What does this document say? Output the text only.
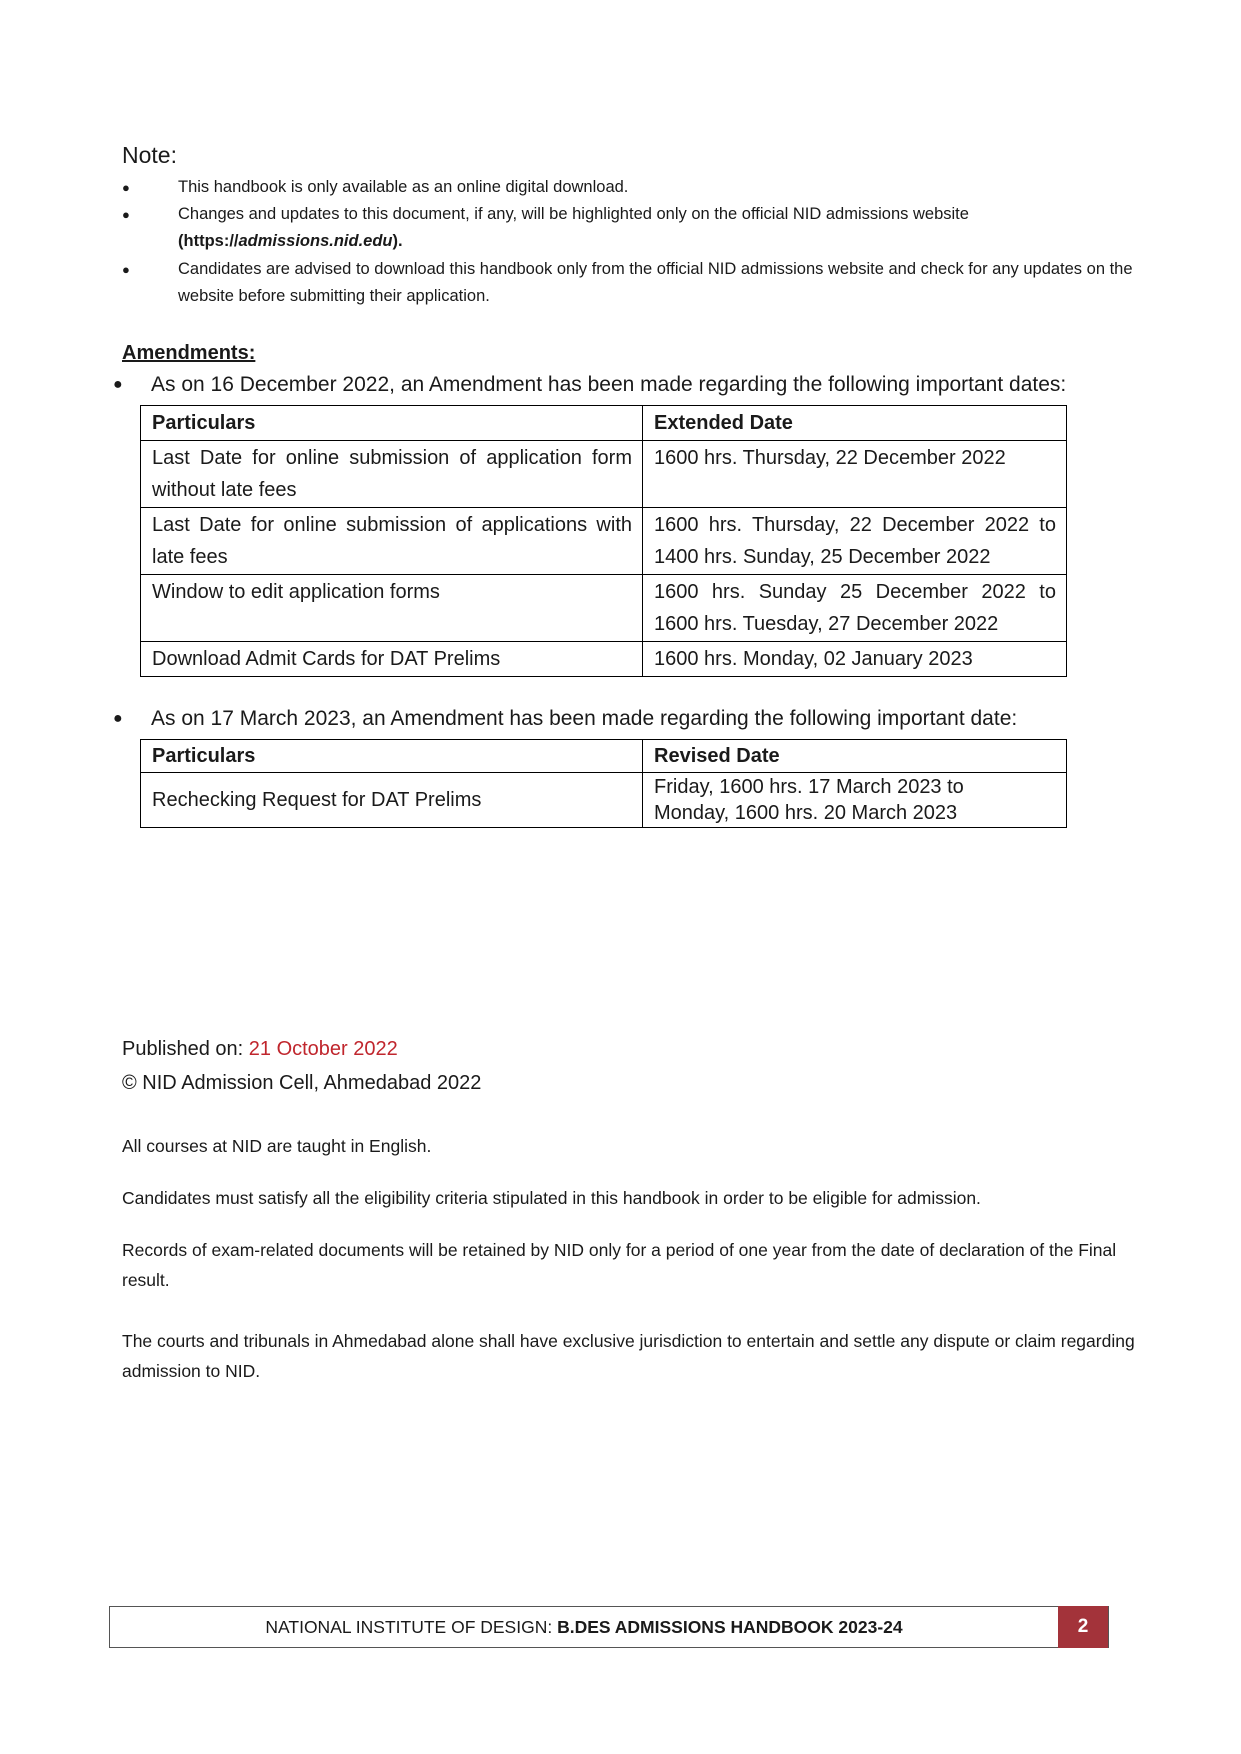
Note:
●	This handbook is only available as an online digital download.
●	Changes and updates to this document, if any, will be highlighted only on the official NID admissions website
(https://admissions.nid.edu).
●	Candidates are advised to download this handbook only from the official NID admissions website and check for any updates on the website before submitting their application.
Amendments:
● As on 16 December 2022, an Amendment has been made regarding the following important dates:
Particulars	Extended Date
Last Date for online submission of application form without late fees	1600 hrs. Thursday, 22 December 2022
Last Date for online submission of applications with late fees	1600 hrs. Thursday, 22 December 2022 to 1400 hrs. Sunday, 25 December 2022
Window to edit application forms	1600 hrs. Sunday 25 December 2022 to 1600 hrs. Tuesday, 27 December 2022
Download Admit Cards for DAT Prelims	1600 hrs. Monday, 02 January 2023
● As on 17 March 2023, an Amendment has been made regarding the following important date:
Particulars	Revised Date
Rechecking Request for DAT Prelims	Friday, 1600 hrs. 17 March 2023 to
Monday, 1600 hrs. 20 March 2023
Published on: 21 October 2022
© NID Admission Cell, Ahmedabad 2022
All courses at NID are taught in English.
Candidates must satisfy all the eligibility criteria stipulated in this handbook in order to be eligible for admission.
Records of exam-related documents will be retained by NID only for a period of one year from the date of declaration of the Final result.
The courts and tribunals in Ahmedabad alone shall have exclusive jurisdiction to entertain and settle any dispute or claim regarding admission to NID.
NATIONAL INSTITUTE OF DESIGN: B.DES ADMISSIONS HANDBOOK 2023-24	2
